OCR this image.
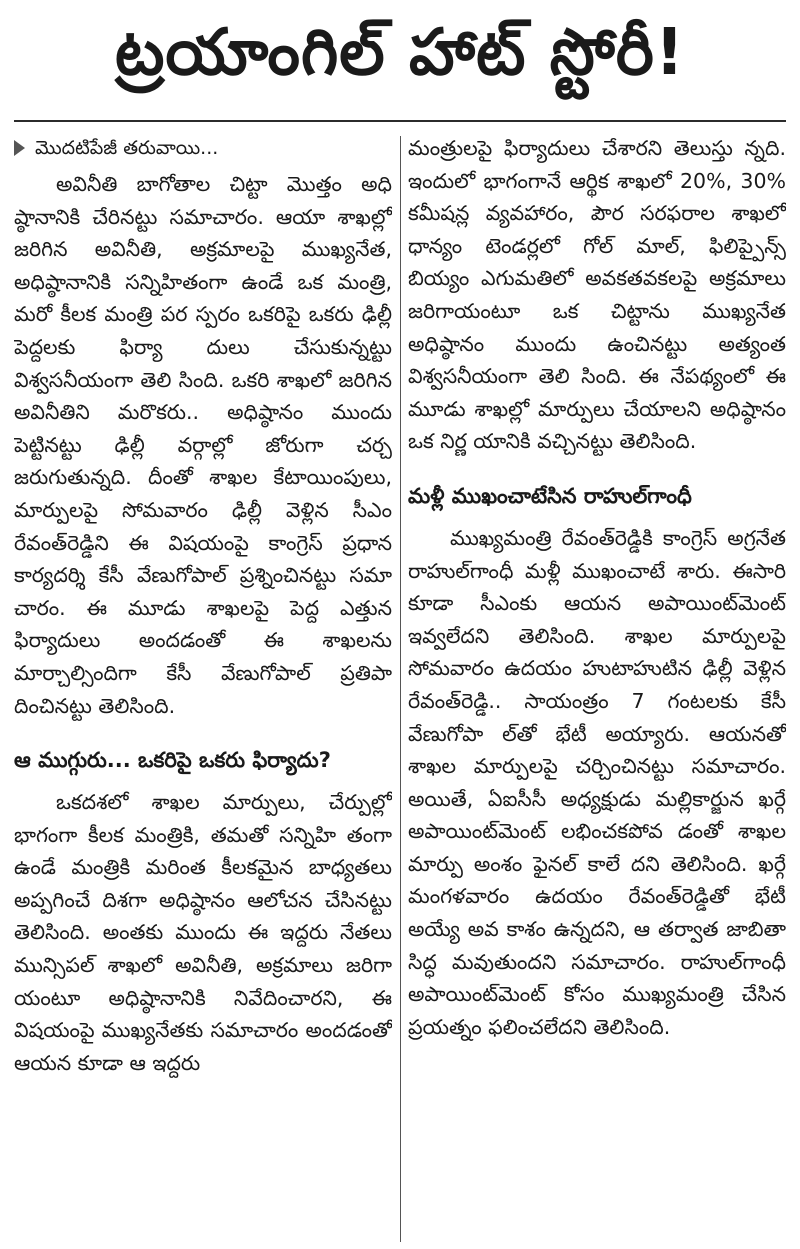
ట్రయాంగిల్ హాట్ స్టోరీ!
మొదటిపేజీ తరువాయి...

అవినీతి బాగోతాల చిట్టా మొత్తం అధి ష్ఠానానికి చేరినట్టు సమాచారం. ఆయా శాఖల్లో జరిగిన అవినీతి, అక్రమాలపై ముఖ్యనేత, అధిష్ఠానానికి సన్నిహితంగా ఉండే ఒక మంత్రి, మరో కీలక మంత్రి పర స్పరం ఒకరిపై ఒకరు ఢిల్లీ పెద్దలకు ఫిర్యా దులు చేసుకున్నట్టు విశ్వసనీయంగా తెలి సింది. ఒకరి శాఖలో జరిగిన అవినీతిని మరొకరు.. అధిష్ఠానం ముందు పెట్టినట్టు ఢిల్లీ వర్గాల్లో జోరుగా చర్చ జరుగుతున్నది. దీంతో శాఖల కేటాయింపులు, మార్పులపై సోమవారం ఢిల్లీ వెళ్లిన సీఎం రేవంత్‌రెడ్డిని ఈ విషయంపై కాంగ్రెస్ ప్రధాన కార్యదర్శి కేసీ వేణుగోపాల్ ప్రశ్నించినట్టు సమా చారం. ఈ మూడు శాఖలపై పెద్ద ఎత్తున ఫిర్యాదులు అందడంతో ఈ శాఖలను మార్చాల్సిందిగా కేసీ వేణుగోపాల్ ప్రతిపా దించినట్టు తెలిసింది.

ఆ ముగ్గురు... ఒకరిపై ఒకరు ఫిర్యాదు?

ఒకదశలో శాఖల మార్పులు, చేర్పుల్లో భాగంగా కీలక మంత్రికి, తమతో సన్నిహి తంగా ఉండే మంత్రికి మరింత కీలకమైన బాధ్యతలు అప్పగించే దిశగా అధిష్ఠానం ఆలోచన చేసినట్టు తెలిసింది. అంతకు ముందు ఈ ఇద్దరు నేతలు మున్సిపల్ శాఖలో అవినీతి, అక్రమాలు జరిగా యంటూ అధిష్ఠానానికి నివేదించారని, ఈ విషయంపై ముఖ్యనేతకు సమాచారం అందడంతో ఆయన కూడా ఆ ఇద్దరు

మంత్రులపై ఫిర్యాదులు చేశారని తెలుస్తు న్నది. ఇందులో భాగంగానే ఆర్థిక శాఖలో 20%, 30% కమీషన్ల వ్యవహారం, పౌర సరఫరాల శాఖలో ధాన్యం టెండర్లలో గోల్ మాల్, ఫిలిప్పైన్స్ బియ్యం ఎగుమతిలో అవకతవకలపై అక్రమాలు జరిగాయంటూ ఒక చిట్టాను ముఖ్యనేత అధిష్ఠానం ముందు ఉంచినట్టు అత్యంత విశ్వసనీయంగా తెలి సింది. ఈ నేపథ్యంలో ఈ మూడు శాఖల్లో మార్పులు చేయాలని అధిష్ఠానం ఒక నిర్ణ యానికి వచ్చినట్టు తెలిసింది.

మళ్లీ ముఖంచాటేసిన రాహుల్‌గాంధీ

ముఖ్యమంత్రి రేవంత్‌రెడ్డికి కాంగ్రెస్ అగ్రనేత రాహుల్‌గాంధీ మళ్లీ ముఖంచాటే శారు. ఈసారి కూడా సీఎంకు ఆయన అపాయింట్‌మెంట్ ఇవ్వలేదని తెలిసింది. శాఖల మార్పులపై సోమవారం ఉదయం హుటాహుటిన ఢిల్లీ వెళ్లిన రేవంత్‌రెడ్డి.. సాయంత్రం 7 గంటలకు కేసీ వేణుగోపా ల్‌తో భేటీ అయ్యారు. ఆయనతో శాఖల మార్పులపై చర్చించినట్టు సమాచారం. అయితే, ఏఐసీసీ అధ్యక్షుడు మల్లికార్జున ఖర్గే అపాయింట్‌మెంట్ లభించకపోవ డంతో శాఖల మార్పు అంశం ఫైనల్ కాలే దని తెలిసింది. ఖర్గే మంగళవారం ఉదయం రేవంత్‌రెడ్డితో భేటీ అయ్యే అవ కాశం ఉన్నదని, ఆ తర్వాత జాబితా సిద్ధ మవుతుందని సమాచారం. రాహుల్‌గాంధీ అపాయింట్‌మెంట్ కోసం ముఖ్యమంత్రి చేసిన ప్రయత్నం ఫలించలేదని తెలిసింది.
